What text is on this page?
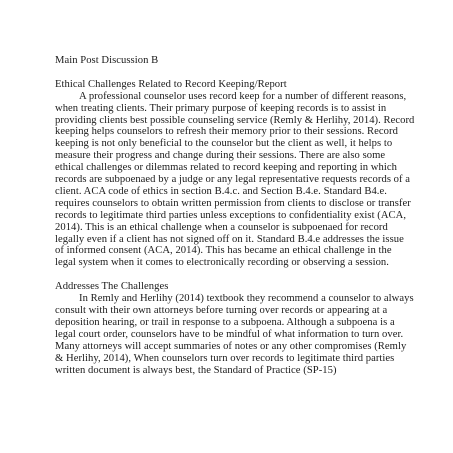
Main Post Discussion B

Ethical Challenges Related to Record Keeping/Report

A professional counselor uses record keep for a number of different reasons, when treating clients. Their primary purpose of keeping records is to assist in providing clients best possible counseling service (Remly & Herlihy, 2014). Record keeping helps counselors to refresh their memory prior to their sessions. Record keeping is not only beneficial to the counselor but the client as well, it helps to measure their progress and change during their sessions. There are also some ethical challenges or dilemmas related to record keeping and reporting in which records are subpoenaed by a judge or any legal representative requests records of a client. ACA code of ethics in section B.4.c. and Section B.4.e. Standard B4.e. requires counselors to obtain written permission from clients to disclose or transfer records to legitimate third parties unless exceptions to confidentiality exist (ACA, 2014). This is an ethical challenge when a counselor is subpoenaed for record legally even if a client has not signed off on it. Standard B.4.e addresses the issue of informed consent (ACA, 2014). This has became an ethical challenge in the legal system when it comes to electronically recording or observing a session.

Addresses The Challenges

In Remly and Herlihy (2014) textbook they recommend a counselor to always consult with their own attorneys before turning over records or appearing at a deposition hearing, or trail in response to a subpoena. Although a subpoena is a legal court order, counselors have to be mindful of what information to turn over. Many attorneys will accept summaries of notes or any other compromises (Remly & Herlihy, 2014), When counselors turn over records to legitimate third parties written document is always best, the Standard of Practice (SP-15)
